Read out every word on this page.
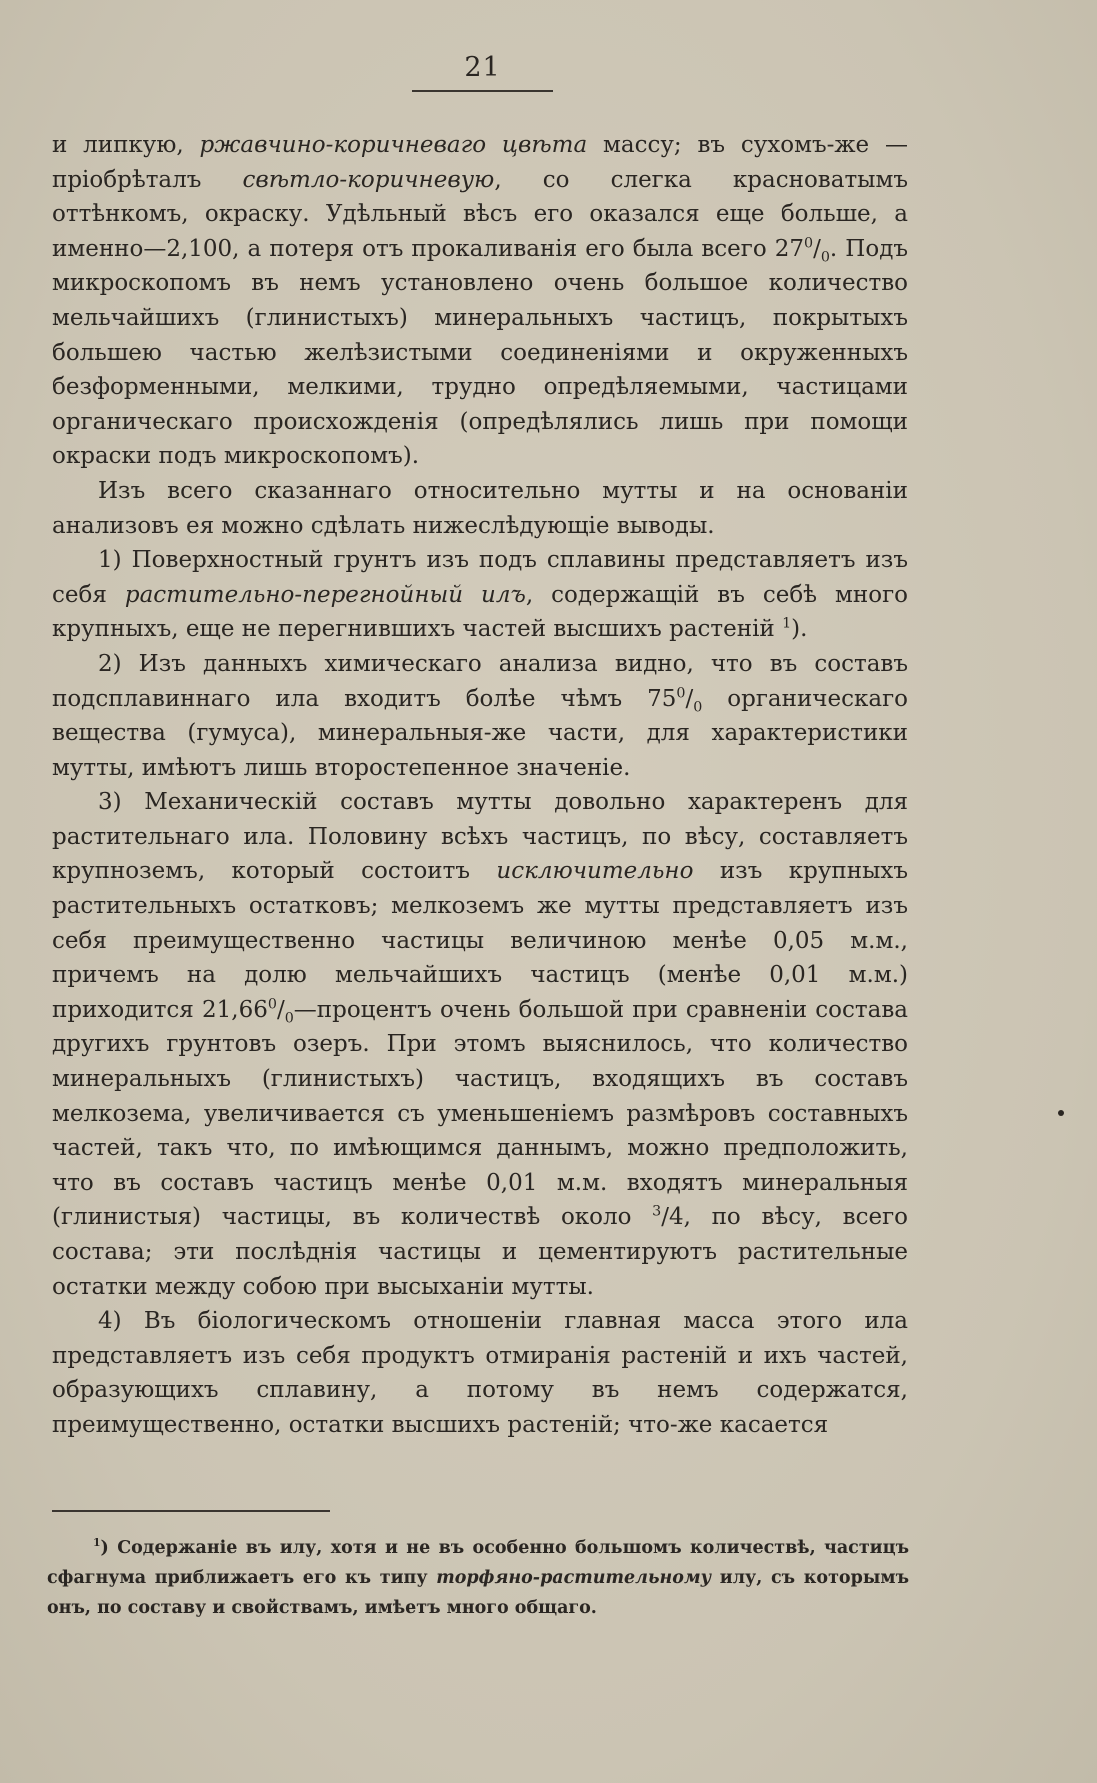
21

и липкую, ржавчино-коричневаго цвѣта массу; въ сухомъ-же — пріобрѣталъ свѣтло-коричневую, со слегка красноватымъ оттѣнкомъ, окраску. Удѣльный вѣсъ его оказался еще больше, а именно—2,100, а потеря отъ прокаливанія его была всего $27^0/_0$. Подъ микроскопомъ въ немъ установлено очень большое количество мельчайшихъ (глинистыхъ) минеральныхъ частицъ, покрытыхъ большею частью желѣзистыми соединеніями и окруженныхъ безформенными, мелкими, трудно опредѣляемыми, частицами органическаго происхожденія (опредѣлялись лишь при помощи окраски подъ микроскопомъ).

Изъ всего сказаннаго относительно мутты и на основаніи анализовъ ея можно сдѣлать нижеслѣдующіе выводы.

1) Поверхностный грунтъ изъ подъ сплавины представляетъ изъ себя растительно-перегнойный илъ, содержащій въ себѣ много крупныхъ, еще не перегнившихъ частей высшихъ растеній $^1$).

2) Изъ данныхъ химическаго анализа видно, что въ составъ подсплавиннаго ила входитъ болѣе чѣмъ $75^0/_0$ органическаго вещества (гумуса), минеральныя-же части, для характеристики мутты, имѣютъ лишь второстепенное значеніе.

3) Механическій составъ мутты довольно характеренъ для растительнаго ила. Половину всѣхъ частицъ, по вѣсу, составляетъ крупноземъ, который состоитъ исключительно изъ крупныхъ растительныхъ остатковъ; мелкоземъ же мутты представляетъ изъ себя преимущественно частицы величиною менѣе 0,05 м.м., причемъ на долю мельчайшихъ частицъ (менѣе 0,01 м.м.) приходится $21,66^0/_0—процентъ$ очень большой при сравненіи состава другихъ грунтовъ озеръ. При этомъ выяснилось, что количество минеральныхъ (глинистыхъ) частицъ, входящихъ въ составъ мелкозема, увеличивается съ уменьшеніемъ размѣровъ составныхъ частей, такъ что, по имѣющимся даннымъ, можно предположить, что въ составъ частицъ менѣе 0,01 м.м. входятъ минеральныя (глинистыя) частицы, въ количествѣ около $^3$/4, по вѣсу, всего состава; эти послѣднія частицы и цементируютъ растительные остатки между собою при высыханіи мутты.

4) Въ біологическомъ отношеніи главная масса этого ила представляетъ изъ себя продуктъ отмиранія растеній и ихъ частей, образующихъ сплавину, а потому въ немъ содержатся, преимущественно, остатки высшихъ растеній; что-же касается

$^1$) Содержаніе въ илу, хотя и не въ особенно большомъ количествѣ, частицъ сфагнума приближаетъ его къ типу торфяно-растительному илу, съ которымъ онъ, по составу и свойствамъ, имѣетъ много общаго.
